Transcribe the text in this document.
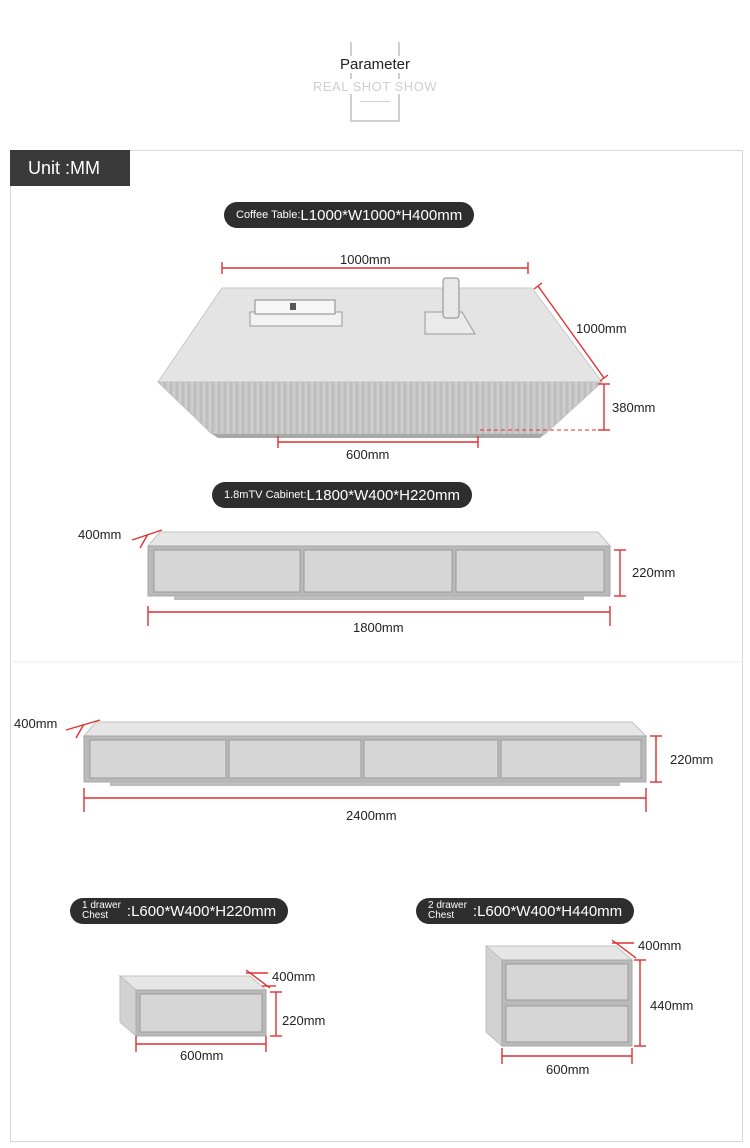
Parameter
REAL SHOT SHOW
Unit :MM
Coffee Table: L1000*W1000*H400mm
1000mm
1000mm
380mm
600mm
1.8mTV Cabinet: L1800*W400*H220mm
400mm
220mm
1800mm
400mm
220mm
2400mm
1 drawer
Chest	:L600*W400*H220mm
400mm
220mm
600mm
2 drawer
Chest	:L600*W400*H440mm
400mm
440mm
600mm
